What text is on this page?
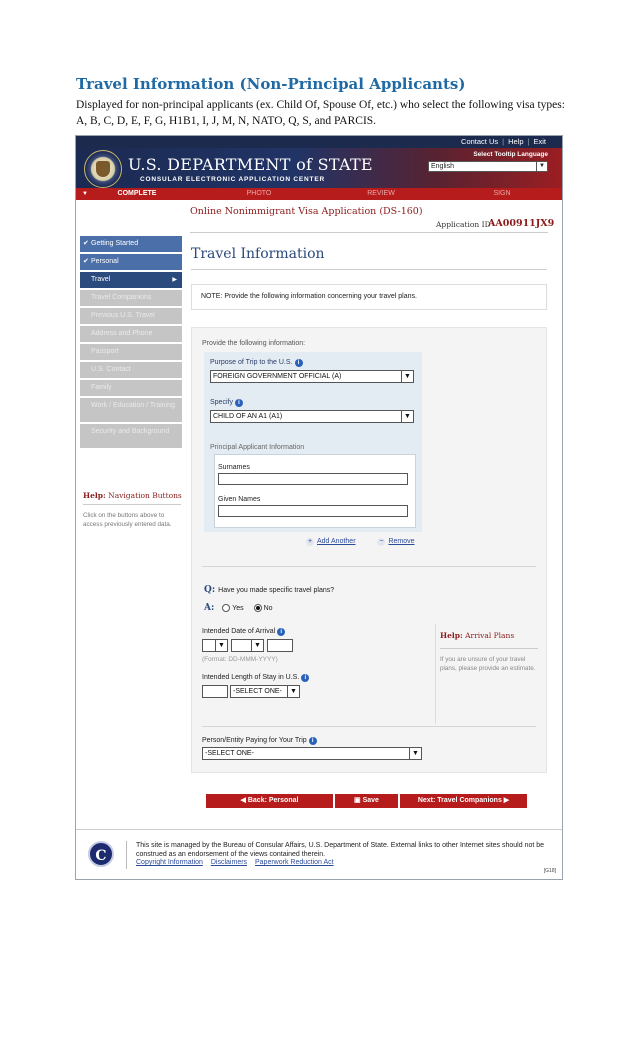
Travel Information (Non-Principal Applicants)
Displayed for non-principal applicants (ex. Child Of, Spouse Of, etc.) who select the following visa types: A, B, C, D, E, F, G, H1B1, I, J, M, N, NATO, Q, S, and PARCIS.
Contact Us | Help | Exit
U.S. DEPARTMENT of STATE
CONSULAR ELECTRONIC APPLICATION CENTER
Select Tooltip Language
English	▼
▼	COMPLETE	PHOTO	REVIEW	SIGN
Online Nonimmigrant Visa Application (DS-160)
Application ID
AA00911JX9
✔ Getting Started
✔ Personal
Travel	▶
Travel Companions
Previous U.S. Travel
Address and Phone
Passport
U.S. Contact
Family
Work / Education / Training
Security and Background
Help: Navigation Buttons
Click on the buttons above to access previously entered data.
Travel Information
NOTE: Provide the following information concerning your travel plans.
Provide the following information:
Purpose of Trip to the U.S. i
FOREIGN GOVERNMENT OFFICIAL (A)	▼
Specify i
CHILD OF AN A1 (A1)	▼
Principal Applicant Information
Surnames
Given Names
+ Add Another	− Remove
Q: Have you made specific travel plans?
A:	Yes	No
Intended Date of Arrival i
▼	▼
(Format: DD-MMM-YYYY)
Intended Length of Stay in U.S. i
-SELECT ONE-	▼
Help: Arrival Plans
If you are unsure of your travel plans, please provide an estimate.
Person/Entity Paying for Your Trip i
-SELECT ONE-	▼
◀ Back: Personal	▣ Save	Next: Travel Companions ▶
C
This site is managed by the Bureau of Consular Affairs, U.S. Department of State. External links to other Internet sites should not be construed as an endorsement of the views contained therein.
Copyright Information Disclaimers Paperwork Reduction Act
[G18]
